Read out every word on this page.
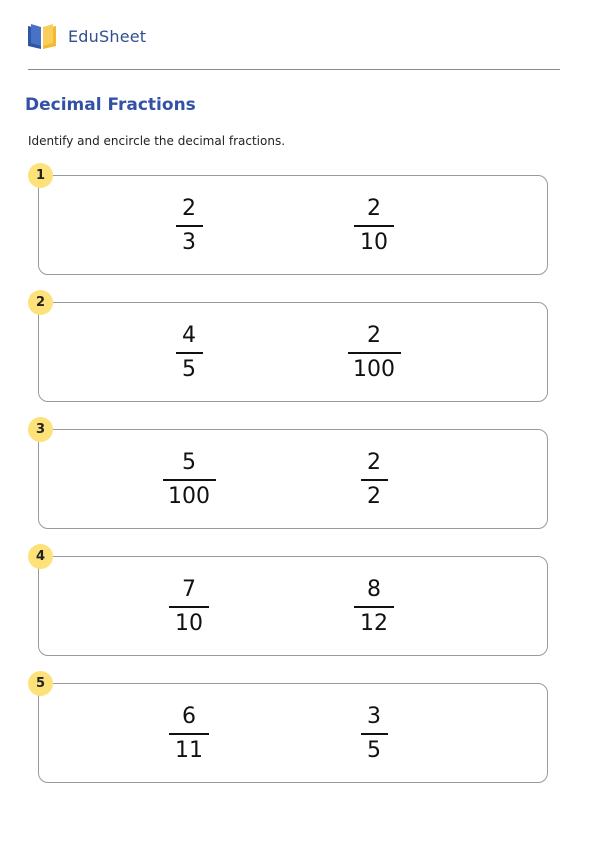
EduSheet
Decimal Fractions
Identify and encircle the decimal fractions.
2
3
2
10
1
4
5
2
100
2
5
100
2
2
3
7
10
8
12
4
6
11
3
5
5
